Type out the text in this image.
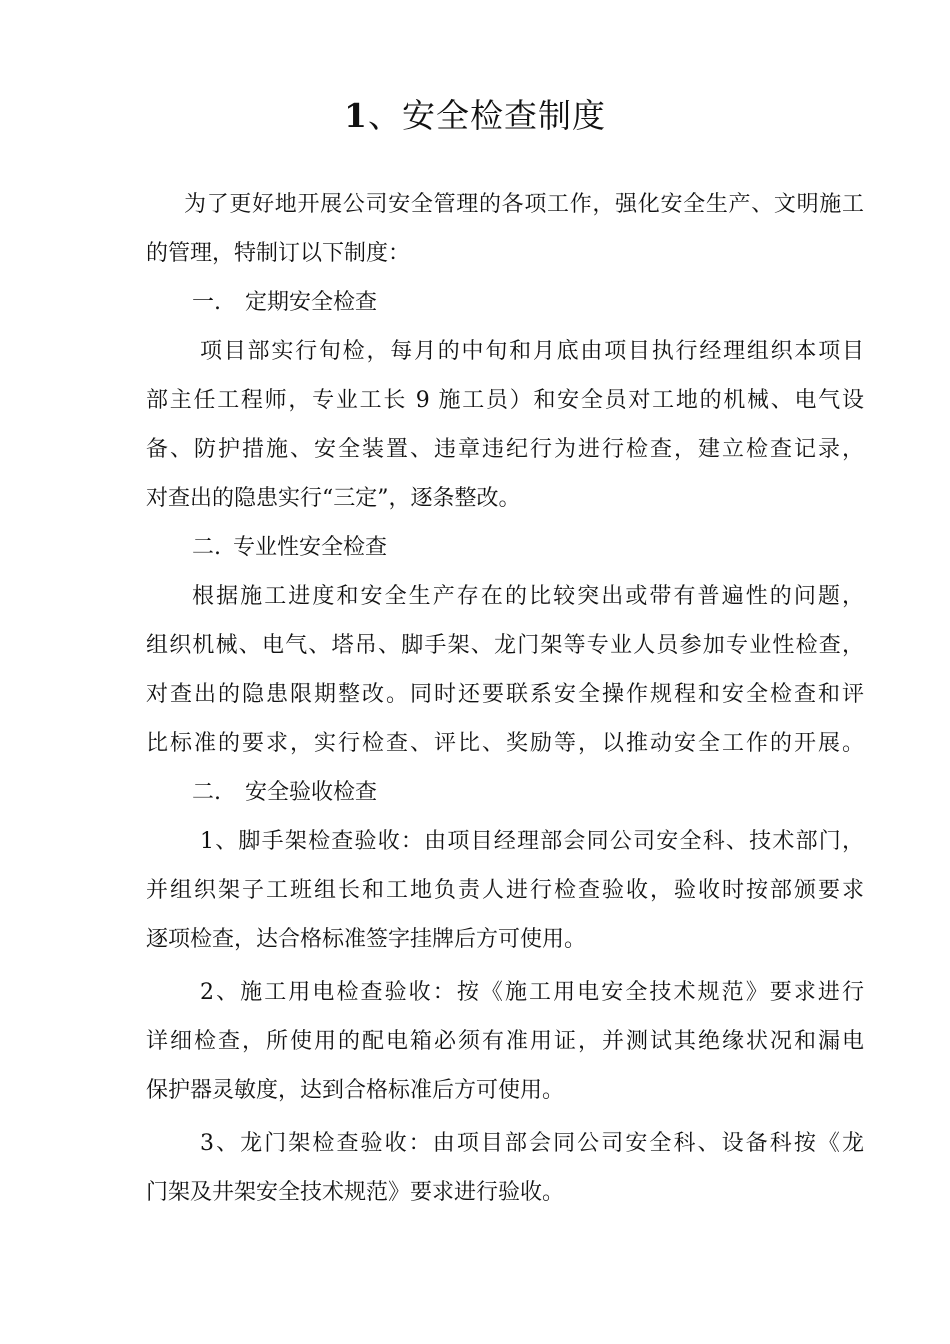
1、安全检查制度
为了更好地开展公司安全管理的各项工作，强化安全生产、文明施工
的管理，特制订以下制度：
一. 定期安全检查
项目部实行旬检，每月的中旬和月底由项目执行经理组织本项目
部主任工程师，专业工长 9 施工员）和安全员对工地的机械、电气设
备、防护措施、安全装置、违章违纪行为进行检查，建立检查记录，
对查出的隐患实行“三定”，逐条整改。
二. 专业性安全检查
根据施工进度和安全生产存在的比较突出或带有普遍性的问题，
组织机械、电气、塔吊、脚手架、龙门架等专业人员参加专业性检查，
对查出的隐患限期整改。同时还要联系安全操作规程和安全检查和评
比标准的要求，实行检查、评比、奖励等，以推动安全工作的开展。
二. 安全验收检查
1、脚手架检查验收：由项目经理部会同公司安全科、技术部门，
并组织架子工班组长和工地负责人进行检查验收，验收时按部颁要求
逐项检查，达合格标准签字挂牌后方可使用。
2、施工用电检查验收：按《施工用电安全技术规范》要求进行
详细检查，所使用的配电箱必须有准用证，并测试其绝缘状况和漏电
保护器灵敏度，达到合格标准后方可使用。
3、龙门架检查验收：由项目部会同公司安全科、设备科按《龙
门架及井架安全技术规范》要求进行验收。
